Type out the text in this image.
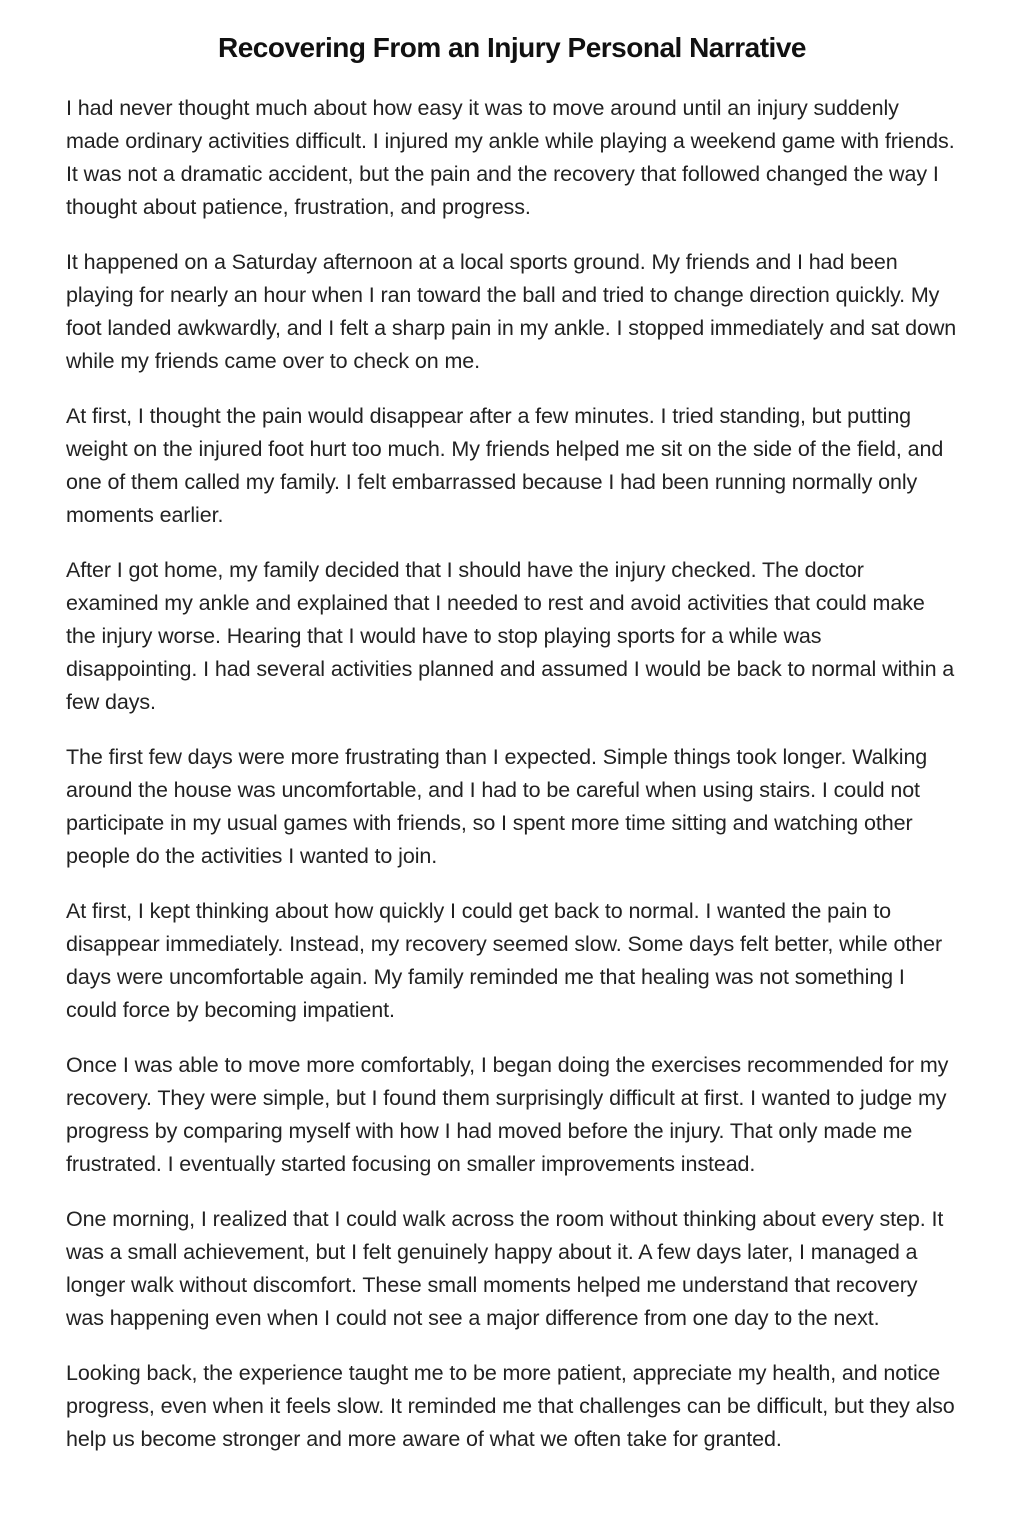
Recovering From an Injury Personal Narrative

I had never thought much about how easy it was to move around until an injury suddenly made ordinary activities difficult. I injured my ankle while playing a weekend game with friends. It was not a dramatic accident, but the pain and the recovery that followed changed the way I thought about patience, frustration, and progress.

It happened on a Saturday afternoon at a local sports ground. My friends and I had been playing for nearly an hour when I ran toward the ball and tried to change direction quickly. My foot landed awkwardly, and I felt a sharp pain in my ankle. I stopped immediately and sat down while my friends came over to check on me.

At first, I thought the pain would disappear after a few minutes. I tried standing, but putting weight on the injured foot hurt too much. My friends helped me sit on the side of the field, and one of them called my family. I felt embarrassed because I had been running normally only moments earlier.

After I got home, my family decided that I should have the injury checked. The doctor examined my ankle and explained that I needed to rest and avoid activities that could make the injury worse. Hearing that I would have to stop playing sports for a while was disappointing. I had several activities planned and assumed I would be back to normal within a few days.

The first few days were more frustrating than I expected. Simple things took longer. Walking around the house was uncomfortable, and I had to be careful when using stairs. I could not participate in my usual games with friends, so I spent more time sitting and watching other people do the activities I wanted to join.

At first, I kept thinking about how quickly I could get back to normal. I wanted the pain to disappear immediately. Instead, my recovery seemed slow. Some days felt better, while other days were uncomfortable again. My family reminded me that healing was not something I could force by becoming impatient.

Once I was able to move more comfortably, I began doing the exercises recommended for my recovery. They were simple, but I found them surprisingly difficult at first. I wanted to judge my progress by comparing myself with how I had moved before the injury. That only made me frustrated. I eventually started focusing on smaller improvements instead.

One morning, I realized that I could walk across the room without thinking about every step. It was a small achievement, but I felt genuinely happy about it. A few days later, I managed a longer walk without discomfort. These small moments helped me understand that recovery was happening even when I could not see a major difference from one day to the next.

Looking back, the experience taught me to be more patient, appreciate my health, and notice progress, even when it feels slow. It reminded me that challenges can be difficult, but they also help us become stronger and more aware of what we often take for granted.
